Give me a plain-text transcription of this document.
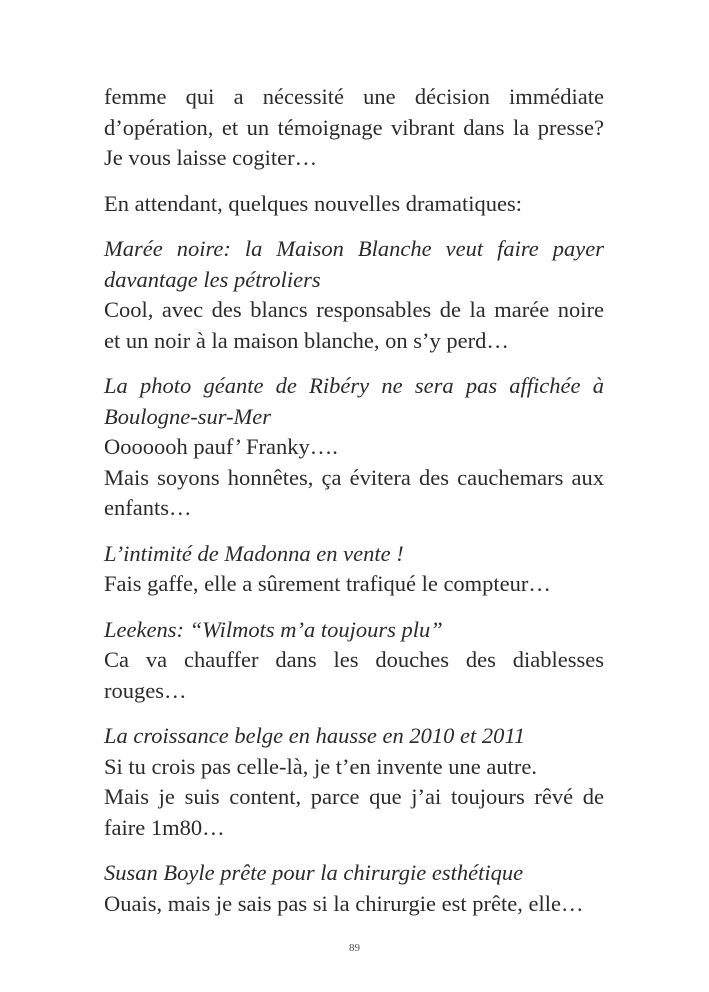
femme qui a nécessité une décision immédiate
d’opération, et un témoignage vibrant dans la presse?
Je vous laisse cogiter…
En attendant, quelques nouvelles dramatiques:
Marée noire: la Maison Blanche veut faire payer
davantage les pétroliers
Cool, avec des blancs responsables de la marée noire
et un noir à la maison blanche, on s’y perd…
La photo géante de Ribéry ne sera pas affichée à
Boulogne-sur-Mer
Ooooooh pauf’ Franky….
Mais soyons honnêtes, ça évitera des cauchemars aux
enfants…
L’intimité de Madonna en vente !
Fais gaffe, elle a sûrement trafiqué le compteur…
Leekens: “Wilmots m’a toujours plu”
Ca va chauffer dans les douches des diablesses
rouges…
La croissance belge en hausse en 2010 et 2011
Si tu crois pas celle-là, je t’en invente une autre.
Mais je suis content, parce que j’ai toujours rêvé de
faire 1m80…
Susan Boyle prête pour la chirurgie esthétique
Ouais, mais je sais pas si la chirurgie est prête, elle…
89
